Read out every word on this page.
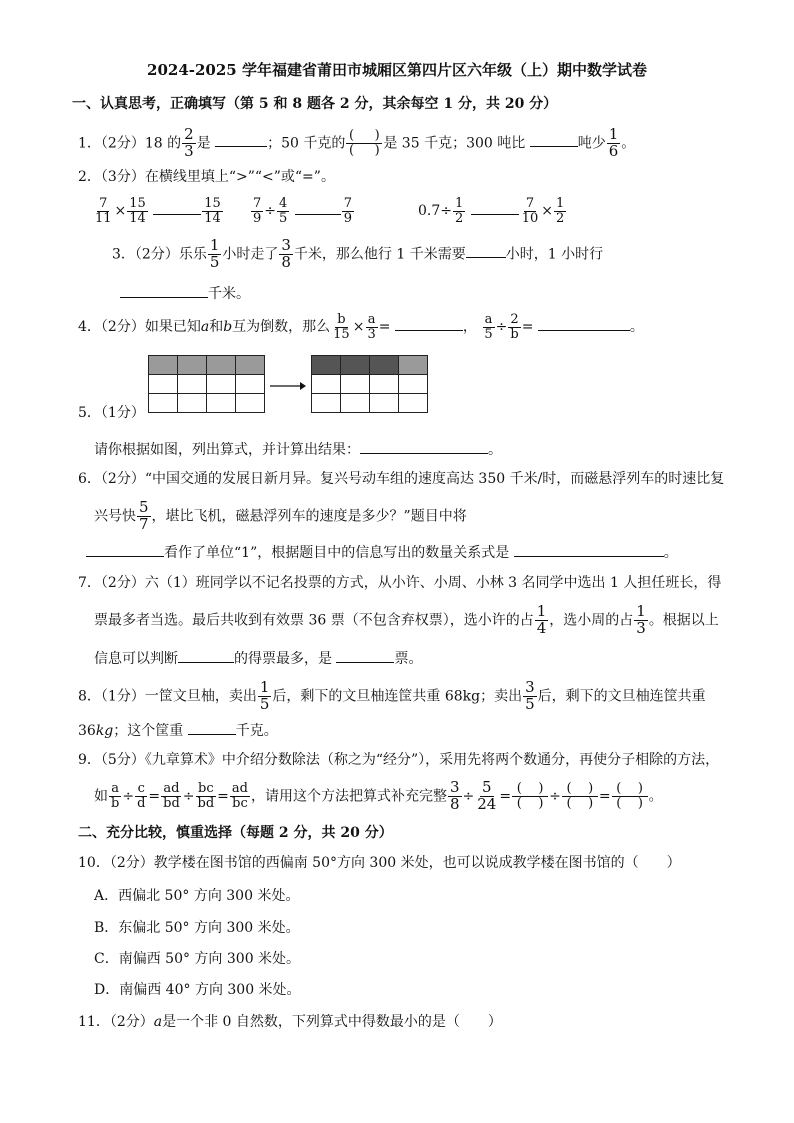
2024-2025 学年福建省莆田市城厢区第四片区六年级（上）期中数学试卷
一、认真思考，正确填写（第 5 和 8 题各 2 分，其余每空 1 分，共 20 分）
1．（2分）18 的 $\frac{2}{3}$ 是	；50 千克的 $\frac{( )}{( )}$ 是 35 千克；300 吨比	吨少 $\frac{1}{6}$ 。
2．（3分）在横线里填上“>”“<”或“=”。
$\frac{7}{11} \times \frac{15}{14}$
	$\frac{15}{14} \frac{7}{9} \div \frac{4}{5}$
	$\frac{7}{9}$	$0.7\div \frac{1}{2}$
	$\frac{7}{10} \times \frac{1}{2}$
3．（2分）乐乐 $\frac{1}{5}$ 小时走了 $\frac{3}{8}$ 千米，那么他行 1 千米需要	小时，1 小时行
千米。
4．（2分）如果已知a和b互为倒数，那么 $\frac{b}{15} \times \frac{a}{3}$ =	， $\frac{a}{5} \div \frac{2}{b}$ =	。

5．（1分）
请你根据如图，列出算式，并计算出结果：	。
6．（2分）“中国交通的发展日新月异。复兴号动车组的速度高达 350 千米/时，而磁悬浮列车的时速比复
兴号快 $\frac{5}{7}$ ，堪比飞机，磁悬浮列车的速度是多少？”题目中将
看作了单位“1”，根据题目中的信息写出的数量关系式是	。
7．（2分）六（1）班同学以不记名投票的方式，从小许、小周、小林 3 名同学中选出 1 人担任班长，得
票最多者当选。最后共收到有效票 36 票（不包含弃权票），选小许的占 $\frac{1}{4}$ ，选小周的占 $\frac{1}{3}$ 。根据以上
信息可以判断	的得票最多，是	票。
8．（1分）一筐文旦柚，卖出 $\frac{1}{5}$ 后，剩下的文旦柚连筐共重 68kg；卖出 $\frac{3}{5}$ 后，剩下的文旦柚连筐共重
36kg；这个筐重	千克。
9．（5分）《九章算术》中介绍分数除法（称之为“经分”），采用先将两个数通分，再使分子相除的方法，
如 $\frac{a}{b} \div \frac{c}{d} = \frac{ad}{bd} \div \frac{bc}{bd} = \frac{ad}{bc}$ ，请用这个方法把算式补充完整 $\frac{3}{8} \div \frac{5}{24} = \frac{( )}{( )} \div \frac{( )}{( )} = \frac{( )}{( )}$ 。
二、充分比较，慎重选择（每题 2 分，共 20 分）
10．（2分）教学楼在图书馆的西偏南 50°方向 300 米处，也可以说成教学楼在图书馆的（　　）
A．西偏北 50° 方向 300 米处。
B．东偏北 50° 方向 300 米处。
C．南偏西 50° 方向 300 米处。
D．南偏西 40° 方向 300 米处。
11．（2分）a是一个非 0 自然数，下列算式中得数最小的是（　　）
